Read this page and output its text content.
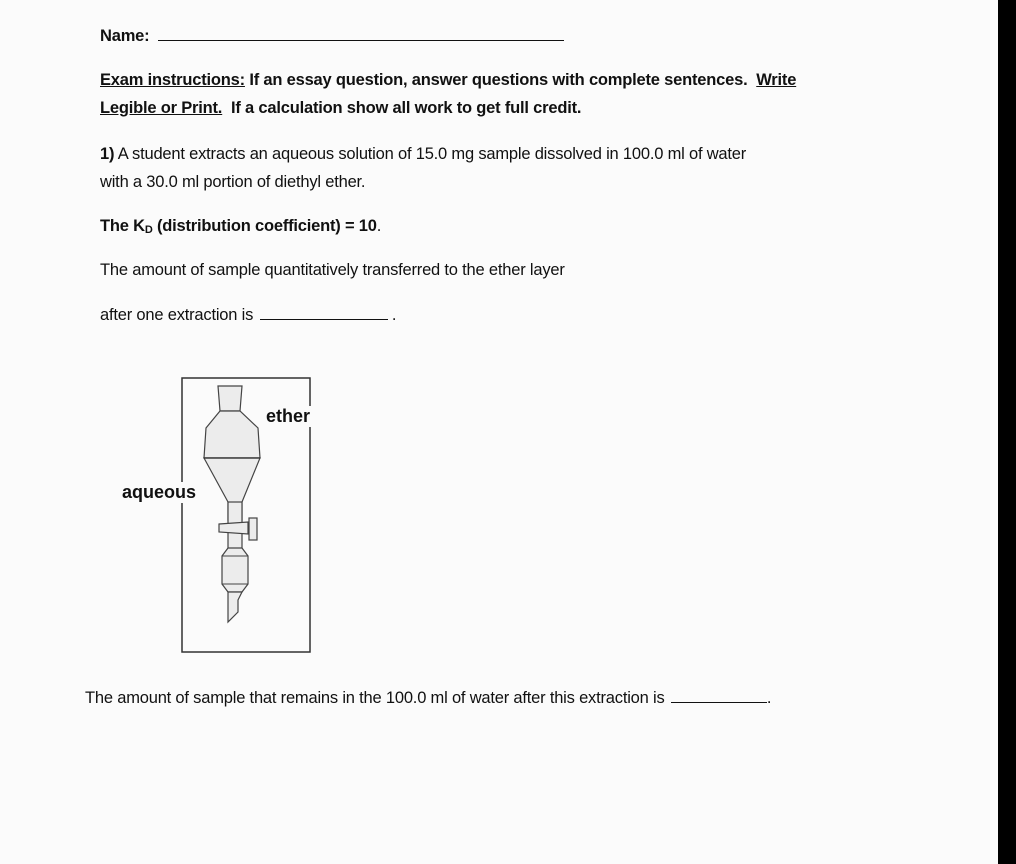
Name:
Exam instructions: If an essay question, answer questions with complete sentences.  Write
Legible or Print.  If a calculation show all work to get full credit.
1) A student extracts an aqueous solution of 15.0 mg sample dissolved in 100.0 ml of water
with a 30.0 ml portion of diethyl ether.
The $K_D$ (distribution coefficient) = 10.
The amount of sample quantitatively transferred to the ether layer
after one extraction is	.
ether
aqueous
The amount of sample that remains in the 100.0 ml of water after this extraction is	.
